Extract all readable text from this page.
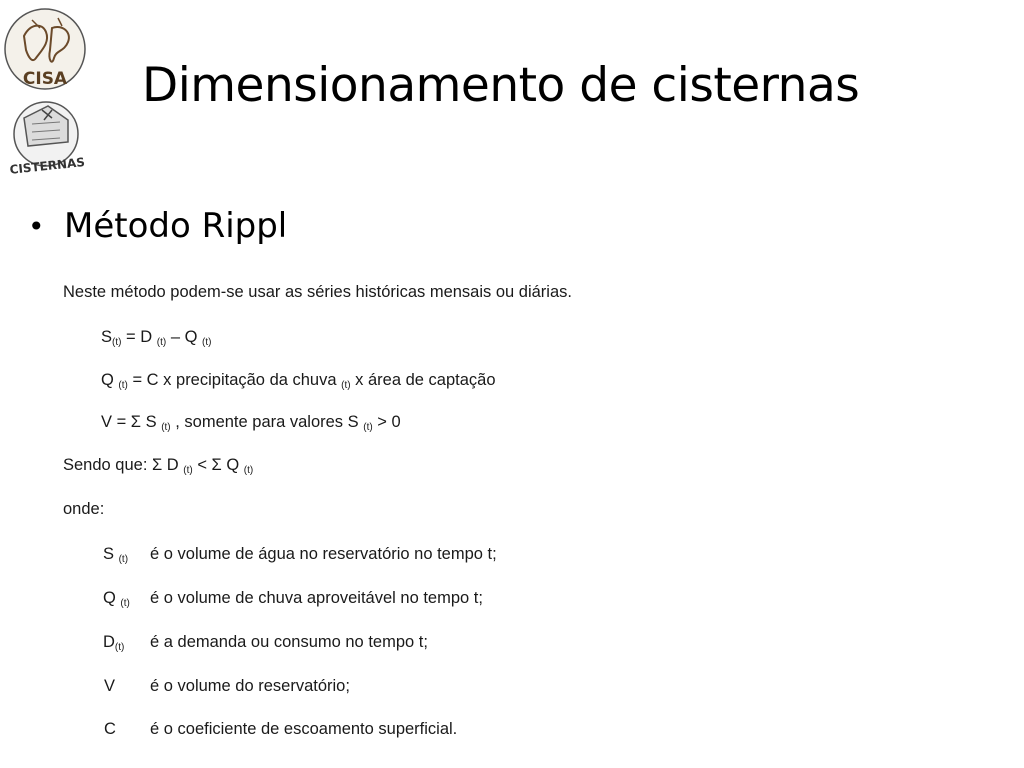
CISA
CISTERNAS
Dimensionamento de cisternas
• Método Rippl
Neste método podem-se usar as séries históricas mensais ou diárias.
$S_{(t)} = D$ $_{(t)}$ – Q $_{(t)}$
Q $_{(t)}$ = C x precipitação da chuva $_{(t)}$ x área de captação
V = Σ S $_{(t)}$ , somente para valores S $_{(t)}$ > 0
Sendo que: Σ D $_{(t)}$ < Σ Q $_{(t)}$
onde:
S $_{(t)}$ é o volume de água no reservatório no tempo t;
Q $_{(t)}$ é o volume de chuva aproveitável no tempo t;
$D_{(t)}$ é a demanda ou consumo no tempo t;
V é o volume do reservatório;
C é o coeficiente de escoamento superficial.
